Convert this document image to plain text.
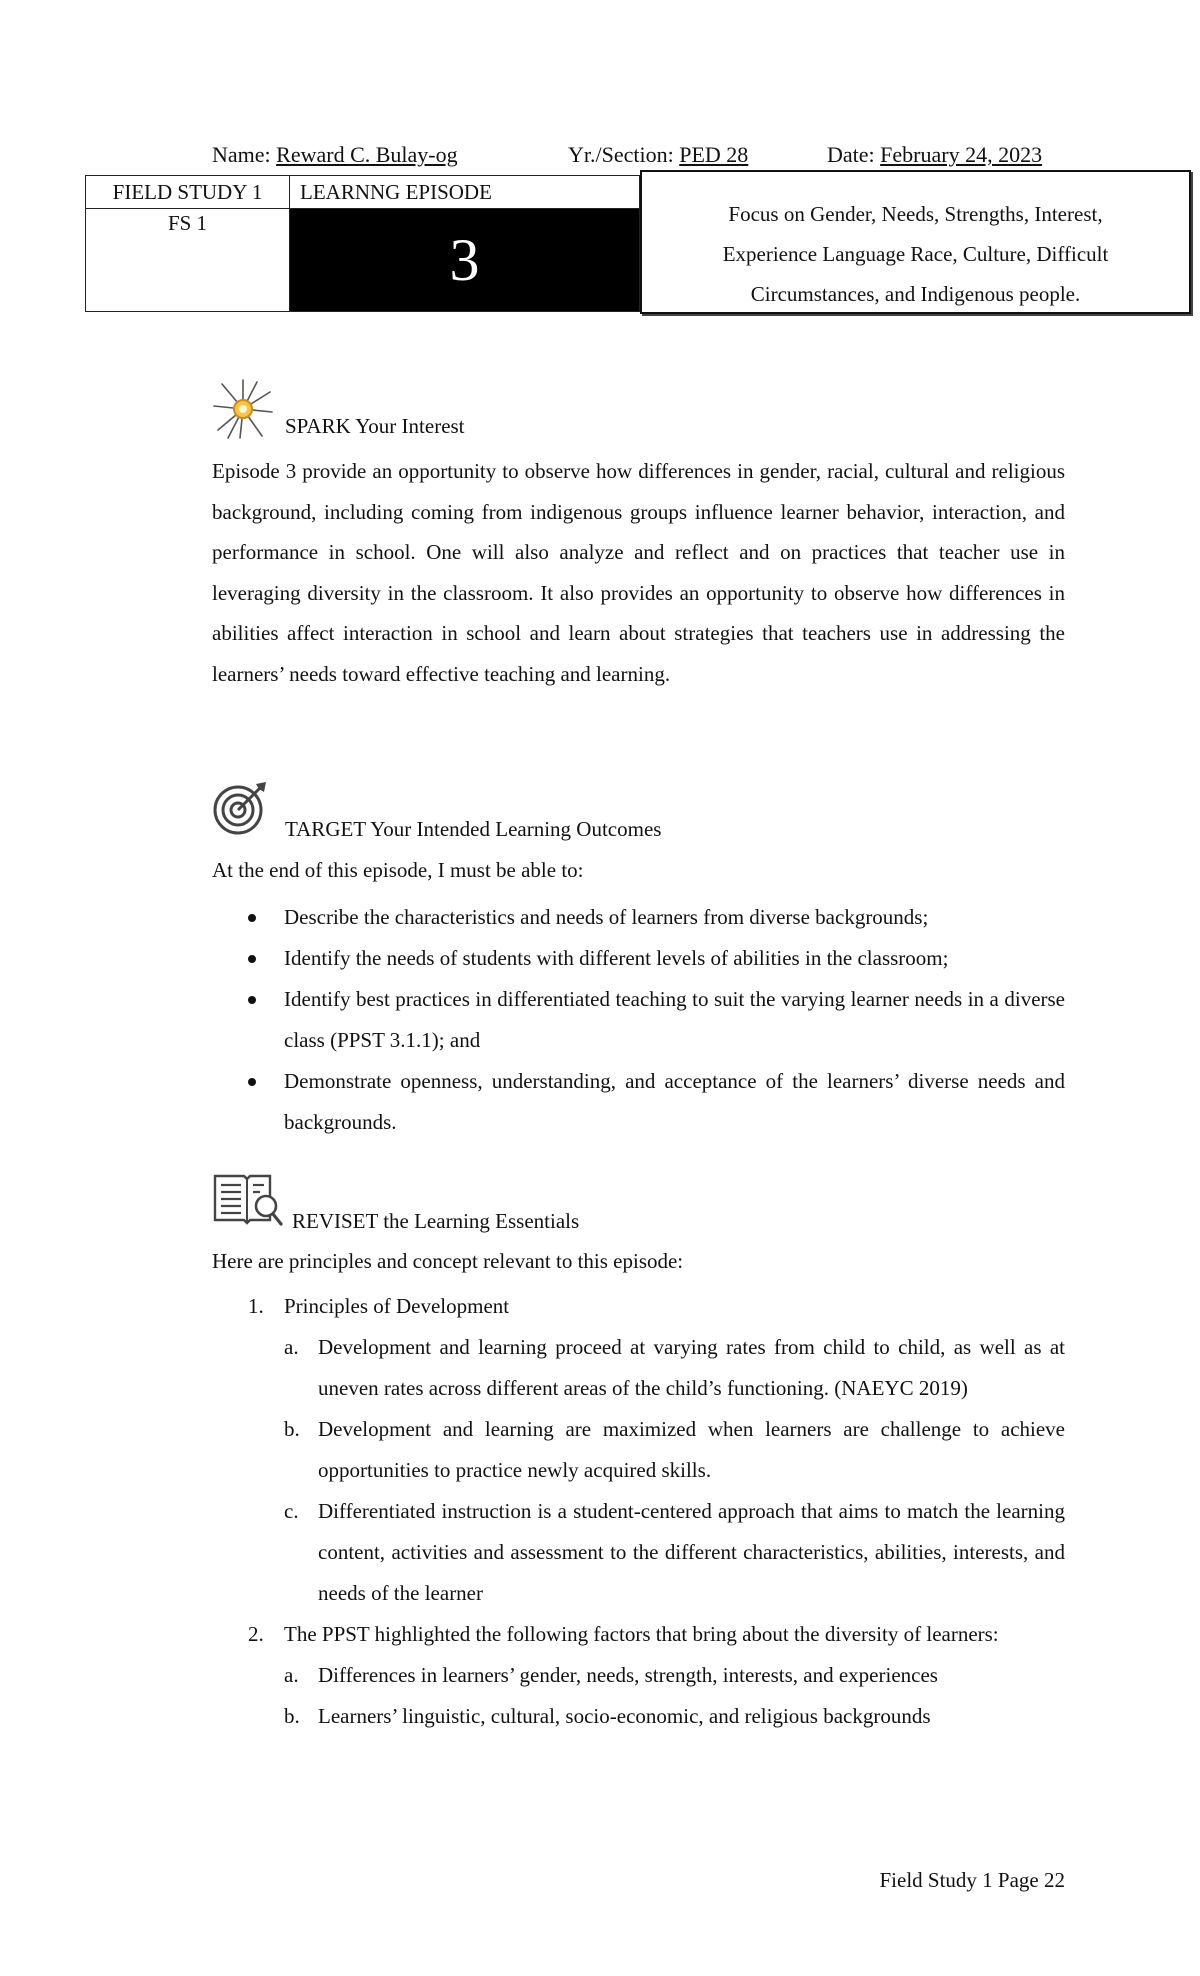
Name: Reward C. Bulay-og	Yr./Section: PED 28	Date: February 24, 2023
FIELD STUDY 1
FS 1
LEARNNG EPISODE
3
Focus on Gender, Needs, Strengths, Interest,
Experience Language Race, Culture, Difficult
Circumstances, and Indigenous people.
SPARK Your Interest
Episode 3 provide an opportunity to observe how differences in gender, racial, cultural and religious background, including coming from indigenous groups influence learner behavior, interaction, and performance in school. One will also analyze and reflect and on practices that teacher use in leveraging diversity in the classroom. It also provides an opportunity to observe how differences in abilities affect interaction in school and learn about strategies that teachers use in addressing the learners’ needs toward effective teaching and learning.
TARGET Your Intended Learning Outcomes
At the end of this episode, I must be able to:
Describe the characteristics and needs of learners from diverse backgrounds;
Identify the needs of students with different levels of abilities in the classroom;
Identify best practices in differentiated teaching to suit the varying learner needs in a diverse class (PPST 3.1.1); and
Demonstrate openness, understanding, and acceptance of the learners’ diverse needs and backgrounds.
REVISET the Learning Essentials
Here are principles and concept relevant to this episode:
1. Principles of Development
a. Development and learning proceed at varying rates from child to child, as well as at uneven rates across different areas of the child’s functioning. (NAEYC 2019)
b. Development and learning are maximized when learners are challenge to achieve opportunities to practice newly acquired skills.
c. Differentiated instruction is a student-centered approach that aims to match the learning content, activities and assessment to the different characteristics, abilities, interests, and needs of the learner
2. The PPST highlighted the following factors that bring about the diversity of learners:
a. Differences in learners’ gender, needs, strength, interests, and experiences
b. Learners’ linguistic, cultural, socio-economic, and religious backgrounds
Field Study 1 Page 22
